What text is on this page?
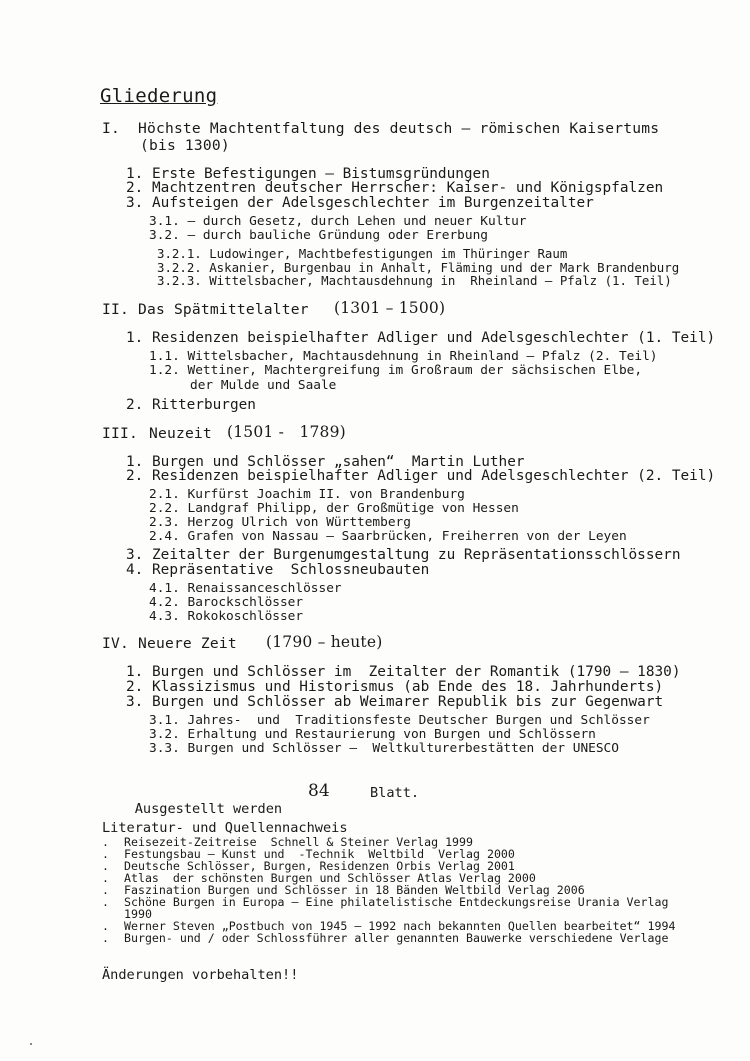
Gliederung
I. Höchste Machtentfaltung des deutsch – römischen Kaisertums
(bis 1300)
1. Erste Befestigungen – Bistumsgründungen
2. Machtzentren deutscher Herrscher: Kaiser- und Königspfalzen
3. Aufsteigen der Adelsgeschlechter im Burgenzeitalter
3.1. – durch Gesetz, durch Lehen und neuer Kultur
3.2. – durch bauliche Gründung oder Ererbung
3.2.1. Ludowinger, Machtbefestigungen im Thüringer Raum
3.2.2. Askanier, Burgenbau in Anhalt, Fläming und der Mark Brandenburg
3.2.3. Wittelsbacher, Machtausdehnung in  Rheinland – Pfalz (1. Teil)
II. Das Spätmittelalter (1301 – 1500)
1. Residenzen beispielhafter Adliger und Adelsgeschlechter (1. Teil)
1.1. Wittelsbacher, Machtausdehnung in Rheinland – Pfalz (2. Teil)
1.2. Wettiner, Machtergreifung im Großraum der sächsischen Elbe,
der Mulde und Saale
2. Ritterburgen
III. Neuzeit (1501 -   1789)
1. Burgen und Schlösser „sahen“  Martin Luther
2. Residenzen beispielhafter Adliger und Adelsgeschlechter (2. Teil)
2.1. Kurfürst Joachim II. von Brandenburg
2.2. Landgraf Philipp, der Großmütige von Hessen
2.3. Herzog Ulrich von Württemberg
2.4. Grafen von Nassau – Saarbrücken, Freiherren von der Leyen
3. Zeitalter der Burgenumgestaltung zu Repräsentationsschlössern
4. Repräsentative  Schlossneubauten
4.1. Renaissanceschlösser
4.2. Barockschlösser
4.3. Rokokoschlösser
IV. Neuere Zeit (1790 – heute)
1. Burgen und Schlösser im  Zeitalter der Romantik (1790 – 1830)
2. Klassizismus und Historismus (ab Ende des 18. Jahrhunderts)
3. Burgen und Schlösser ab Weimarer Republik bis zur Gegenwart
3.1. Jahres-  und  Traditionsfeste Deutscher Burgen und Schlösser
3.2. Erhaltung und Restaurierung von Burgen und Schlössern
3.3. Burgen und Schlösser –  Weltkulturerbestätten der UNESCO

Ausgestellt werden

84

	Blatt.

Literatur- und Quellennachweis
. Reisezeit-Zeitreise  Schnell & Steiner Verlag 1999
. Festungsbau – Kunst und  -Technik  Weltbild  Verlag 2000
. Deutsche Schlösser, Burgen, Residenzen Orbis Verlag 2001
. Atlas  der schönsten Burgen und Schlösser Atlas Verlag 2000
. Faszination Burgen und Schlösser in 18 Bänden Weltbild Verlag 2006
. Schöne Burgen in Europa – Eine philatelistische Entdeckungsreise Urania Verlag
1990
. Werner Steven „Postbuch von 1945 – 1992 nach bekannten Quellen bearbeitet“ 1994
. Burgen- und / oder Schlossführer aller genannten Bauwerke verschiedene Verlage
Änderungen vorbehalten!!
